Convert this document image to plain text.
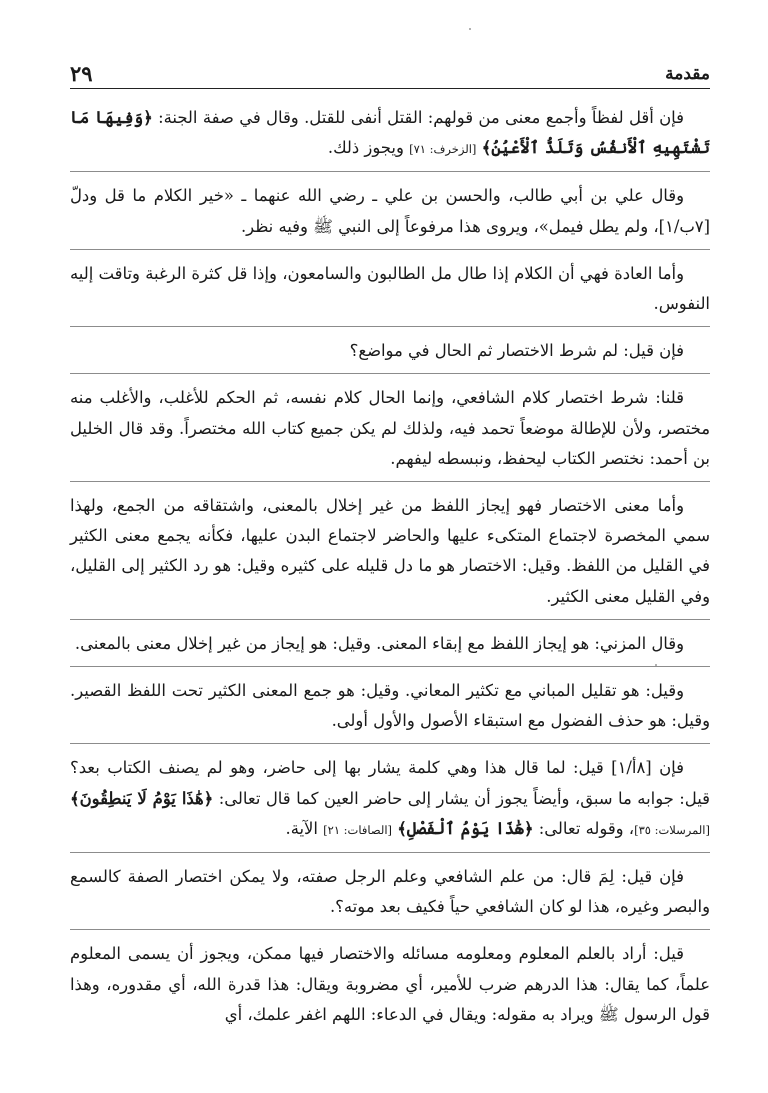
مقدمة
٢٩

فإن أقل لفظاً وأجمع معنى من قولهم: القتل أنفى للقتل. وقال في صفة الجنة: ﴿وَفِيهَا مَا تَشْتَهِيهِ ٱلْأَنفُسُ وَتَلَذُّ ٱلْأَعْيُنُ﴾ [الزخرف: ٧١] ويجوز ذلك.

وقال علي بن أبي طالب، والحسن بن علي ـ رضي الله عنهما ـ «خير الكلام ما قل ودلّ [٧ب/١]، ولم يطل فيمل»، ويروى هذا مرفوعاً إلى النبي ﷺ وفيه نظر.

وأما العادة فهي أن الكلام إذا طال مل الطالبون والسامعون، وإذا قل كثرة الرغبة وتاقت إليه النفوس.

فإن قيل: لم شرط الاختصار ثم الحال في مواضع؟

قلنا: شرط اختصار كلام الشافعي، وإنما الحال كلام نفسه، ثم الحكم للأغلب، والأغلب منه مختصر، ولأن للإطالة موضعاً تحمد فيه، ولذلك لم يكن جميع كتاب الله مختصراً. وقد قال الخليل بن أحمد: نختصر الكتاب ليحفظ، ونبسطه ليفهم.

وأما معنى الاختصار فهو إيجاز اللفظ من غير إخلال بالمعنى، واشتقاقه من الجمع، ولهذا سمي المخصرة لاجتماع المتكىء عليها والحاضر لاجتماع البدن عليها، فكأنه يجمع معنى الكثير في القليل من اللفظ. وقيل: الاختصار هو ما دل قليله على كثيره وقيل: هو رد الكثير إلى القليل، وفي القليل معنى الكثير.

وقال المزني: هو إيجاز اللفظ مع إبقاء المعنى. وقيل: هو إيجاز من غير إخلال معنى بالمعنى.

وقيل: هو تقليل المباني مع تكثير المعاني. وقيل: هو جمع المعنى الكثير تحت اللفظ القصير. وقيل: هو حذف الفضول مع استبقاء الأصول والأول أولى.

فإن [٨أ/١] قيل: لما قال هذا وهي كلمة يشار بها إلى حاضر، وهو لم يصنف الكتاب بعد؟ قيل: جوابه ما سبق، وأيضاً يجوز أن يشار إلى حاضر العين كما قال تعالى: ﴿هَٰذَا يَوْمُ لَا يَنطِقُونَ﴾ [المرسلات: ٣٥]، وقوله تعالى: ﴿هَٰذَا يَوْمُ ٱلْفَصْلِ﴾ [الصافات: ٢١] الآية.

فإن قيل: لِمَ قال: من علم الشافعي وعلم الرجل صفته، ولا يمكن اختصار الصفة كالسمع والبصر وغيره، هذا لو كان الشافعي حياً فكيف بعد موته؟.

قيل: أراد بالعلم المعلوم ومعلومه مسائله والاختصار فيها ممكن، ويجوز أن يسمى المعلوم علماً، كما يقال: هذا الدرهم ضرب للأمير، أي مضروبة ويقال: هذا قدرة الله، أي مقدوره، وهذا قول الرسول ﷺ ويراد به مقوله: ويقال في الدعاء: اللهم اغفر علمك، أي
